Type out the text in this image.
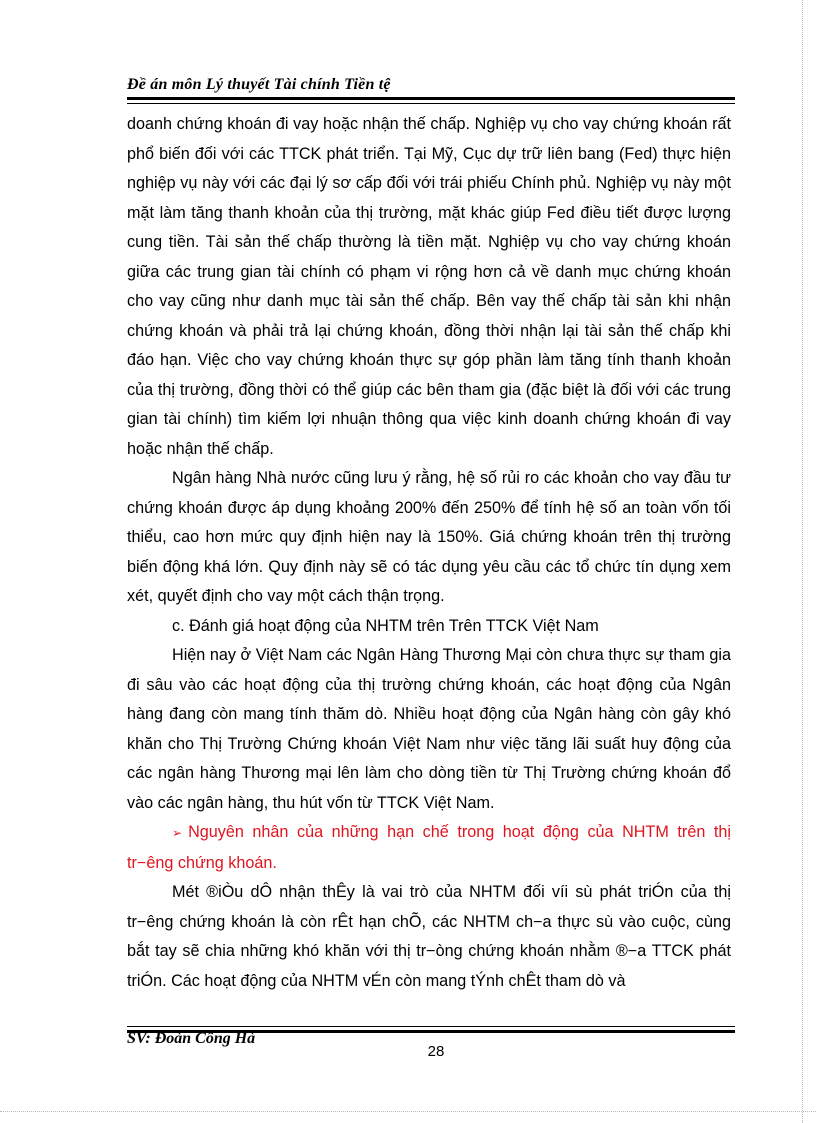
Đề án môn Lý thuyết Tài chính Tiền tệ

doanh chứng khoán đi vay hoặc nhận thế chấp. Nghiệp vụ cho vay chứng khoán rất phổ biến đối với các TTCK phát triển. Tại Mỹ, Cục dự trữ liên bang (Fed) thực hiện nghiệp vụ này với các đại lý sơ cấp đối với trái phiếu Chính phủ. Nghiệp vụ này một mặt làm tăng thanh khoản của thị trường, mặt khác giúp Fed điều tiết được lượng cung tiền. Tài sản thế chấp thường là tiền mặt. Nghiệp vụ cho vay chứng khoán giữa các trung gian tài chính có phạm vi rộng hơn cả về danh mục chứng khoán cho vay cũng như danh mục tài sản thế chấp. Bên vay thế chấp tài sản khi nhận chứng khoán và phải trả lại chứng khoán, đồng thời nhận lại tài sản thế chấp khi đáo hạn. Việc cho vay chứng khoán thực sự góp phần làm tăng tính thanh khoản của thị trường, đồng thời có thể giúp các bên tham gia (đặc biệt là đối với các trung gian tài chính) tìm kiếm lợi nhuận thông qua việc kinh doanh chứng khoán đi vay hoặc nhận thế chấp.

Ngân hàng Nhà nước cũng lưu ý rằng, hệ số rủi ro các khoản cho vay đầu tư chứng khoán được áp dụng khoảng 200% đến 250% để tính hệ số an toàn vốn tối thiểu, cao hơn mức quy định hiện nay là 150%. Giá chứng khoán trên thị trường biến động khá lớn. Quy định này sẽ có tác dụng yêu cầu các tổ chức tín dụng xem xét, quyết định cho vay một cách thận trọng.

c. Đánh giá hoạt động của NHTM trên Trên TTCK Việt Nam

Hiện nay ở Việt Nam các Ngân Hàng Thương Mại còn chưa thực sự tham gia đi sâu vào các hoạt động của thị trường chứng khoán, các hoạt động của Ngân hàng đang còn mang tính thăm dò. Nhiều hoạt động của Ngân hàng còn gây khó khăn cho Thị Trường Chứng khoán Việt Nam như việc tăng lãi suất huy động của các ngân hàng Thương mại lên làm cho dòng tiền từ Thị Trường chứng khoán đổ vào các ngân hàng, thu hút vốn từ TTCK Việt Nam.

➢ Nguyên nhân của những hạn chế trong hoạt động của NHTM trên thị tr−êng chứng khoán.

Mét ®iÒu dÔ nhận thÊy là vai trò của NHTM đối víi sù phát triÓn của thị tr−êng chứng khoán là còn rÊt hạn chÕ, các NHTM ch−a thực sù vào cuộc, cùng bắt tay sẽ chia những khó khăn với thị tr−òng chứng khoán nhằm ®−a TTCK phát triÓn. Các hoạt động của NHTM vÉn còn mang tÝnh chÊt tham dò và

SV: Đoàn Công Hà
28
